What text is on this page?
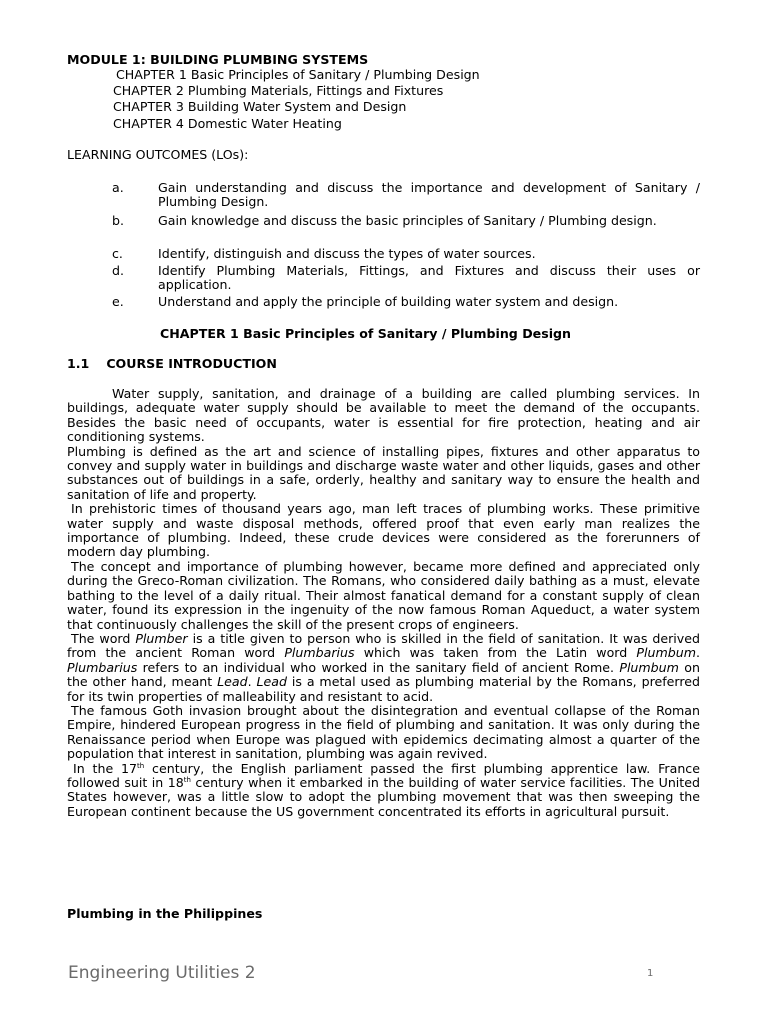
MODULE 1: BUILDING PLUMBING SYSTEMS
CHAPTER 1 Basic Principles of Sanitary / Plumbing Design
CHAPTER 2 Plumbing Materials, Fittings and Fixtures
CHAPTER 3 Building Water System and Design
CHAPTER 4 Domestic Water Heating
LEARNING OUTCOMES (LOs):
a.	Gain understanding and discuss the importance and development of Sanitary / Plumbing Design.
b.	Gain knowledge and discuss the basic principles of Sanitary / Plumbing design.
c.	Identify, distinguish and discuss the types of water sources.
d.	Identify Plumbing Materials, Fittings, and Fixtures and discuss their uses or application.
e.	Understand and apply the principle of building water system and design.
CHAPTER 1 Basic Principles of Sanitary / Plumbing Design
1.1 COURSE INTRODUCTION

Water supply, sanitation, and drainage of a building are called plumbing services. In buildings, adequate water supply should be available to meet the demand of the occupants. Besides the basic need of occupants, water is essential for fire protection, heating and air conditioning systems.

Plumbing is defined as the art and science of installing pipes, fixtures and other apparatus to convey and supply water in buildings and discharge waste water and other liquids, gases and other substances out of buildings in a safe, orderly, healthy and sanitary way to ensure the health and sanitation of life and property.

In prehistoric times of thousand years ago, man left traces of plumbing works. These primitive water supply and waste disposal methods, offered proof that even early man realizes the importance of plumbing. Indeed, these crude devices were considered as the forerunners of modern day plumbing.

The concept and importance of plumbing however, became more defined and appreciated only during the Greco-Roman civilization. The Romans, who considered daily bathing as a must, elevate bathing to the level of a daily ritual. Their almost fanatical demand for a constant supply of clean water, found its expression in the ingenuity of the now famous Roman Aqueduct, a water system that continuously challenges the skill of the present crops of engineers.

The word Plumber is a title given to person who is skilled in the field of sanitation. It was derived from the ancient Roman word Plumbarius which was taken from the Latin word Plumbum. Plumbarius refers to an individual who worked in the sanitary field of ancient Rome. Plumbum on the other hand, meant Lead. Lead is a metal used as plumbing material by the Romans, preferred for its twin properties of malleability and resistant to acid.

The famous Goth invasion brought about the disintegration and eventual collapse of the Roman Empire, hindered European progress in the field of plumbing and sanitation. It was only during the Renaissance period when Europe was plagued with epidemics decimating almost a quarter of the population that interest in sanitation, plumbing was again revived.

In the 17th century, the English parliament passed the first plumbing apprentice law. France followed suit in 18th century when it embarked in the building of water service facilities. The United States however, was a little slow to adopt the plumbing movement that was then sweeping the European continent because the US government concentrated its efforts in agricultural pursuit.

Plumbing in the Philippines
Engineering Utilities 2	1
